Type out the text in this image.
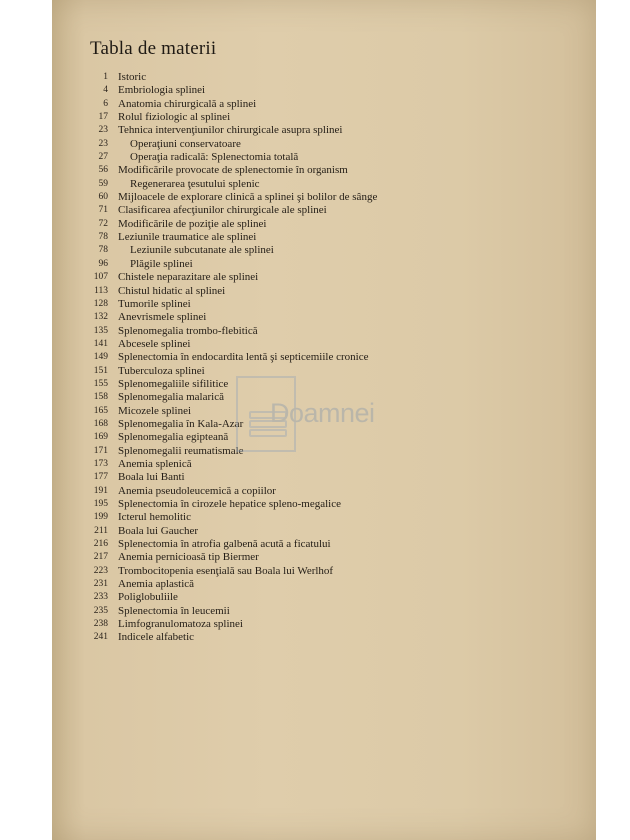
Tabla de materii
1 Istoric
4 Embriologia splinei
6 Anatomia chirurgicală a splinei
17 Rolul fiziologic al splinei
23 Tehnica intervenţiunilor chirurgicale asupra splinei
23 Operaţiuni conservatoare
27 Operaţia radicală: Splenectomia totală
56 Modificările provocate de splenectomie în organism
59 Regenerarea ţesutului splenic
60 Mijloacele de explorare clinică a splinei şi bolilor de sânge
71 Clasificarea afecţiunilor chirurgicale ale splinei
72 Modificările de poziţie ale splinei
78 Leziunile traumatice ale splinei
78 Leziunile subcutanate ale splinei
96 Plăgile splinei
107 Chistele neparazitare ale splinei
113 Chistul hidatic al splinei
128 Tumorile splinei
132 Anevrismele splinei
135 Splenomegalia trombo-flebitică
141 Abcesele splinei
149 Splenectomia în endocardita lentă şi septicemiile cronice
151 Tuberculoza splinei
155 Splenomegaliile sifilitice
158 Splenomegalia malarică
165 Micozele splinei
168 Splenomegalia în Kala-Azar
169 Splenomegalia egipteană
171 Splenomegalii reumatismale
173 Anemia splenică
177 Boala lui Banti
191 Anemia pseudoleucemică a copiilor
195 Splenectomia în cirozele hepatice spleno-megalice
199 Icterul hemolitic
211 Boala lui Gaucher
216 Splenectomia în atrofia galbenă acută a ficatului
217 Anemia pernicioasă tip Biermer
223 Trombocitopenia esenţială sau Boala lui Werlhof
231 Anemia aplastică
233 Poliglobuliile
235 Splenectomia în leucemii
238 Limfogranulomatoza splinei
241 Indicele alfabetic
Doamnei
